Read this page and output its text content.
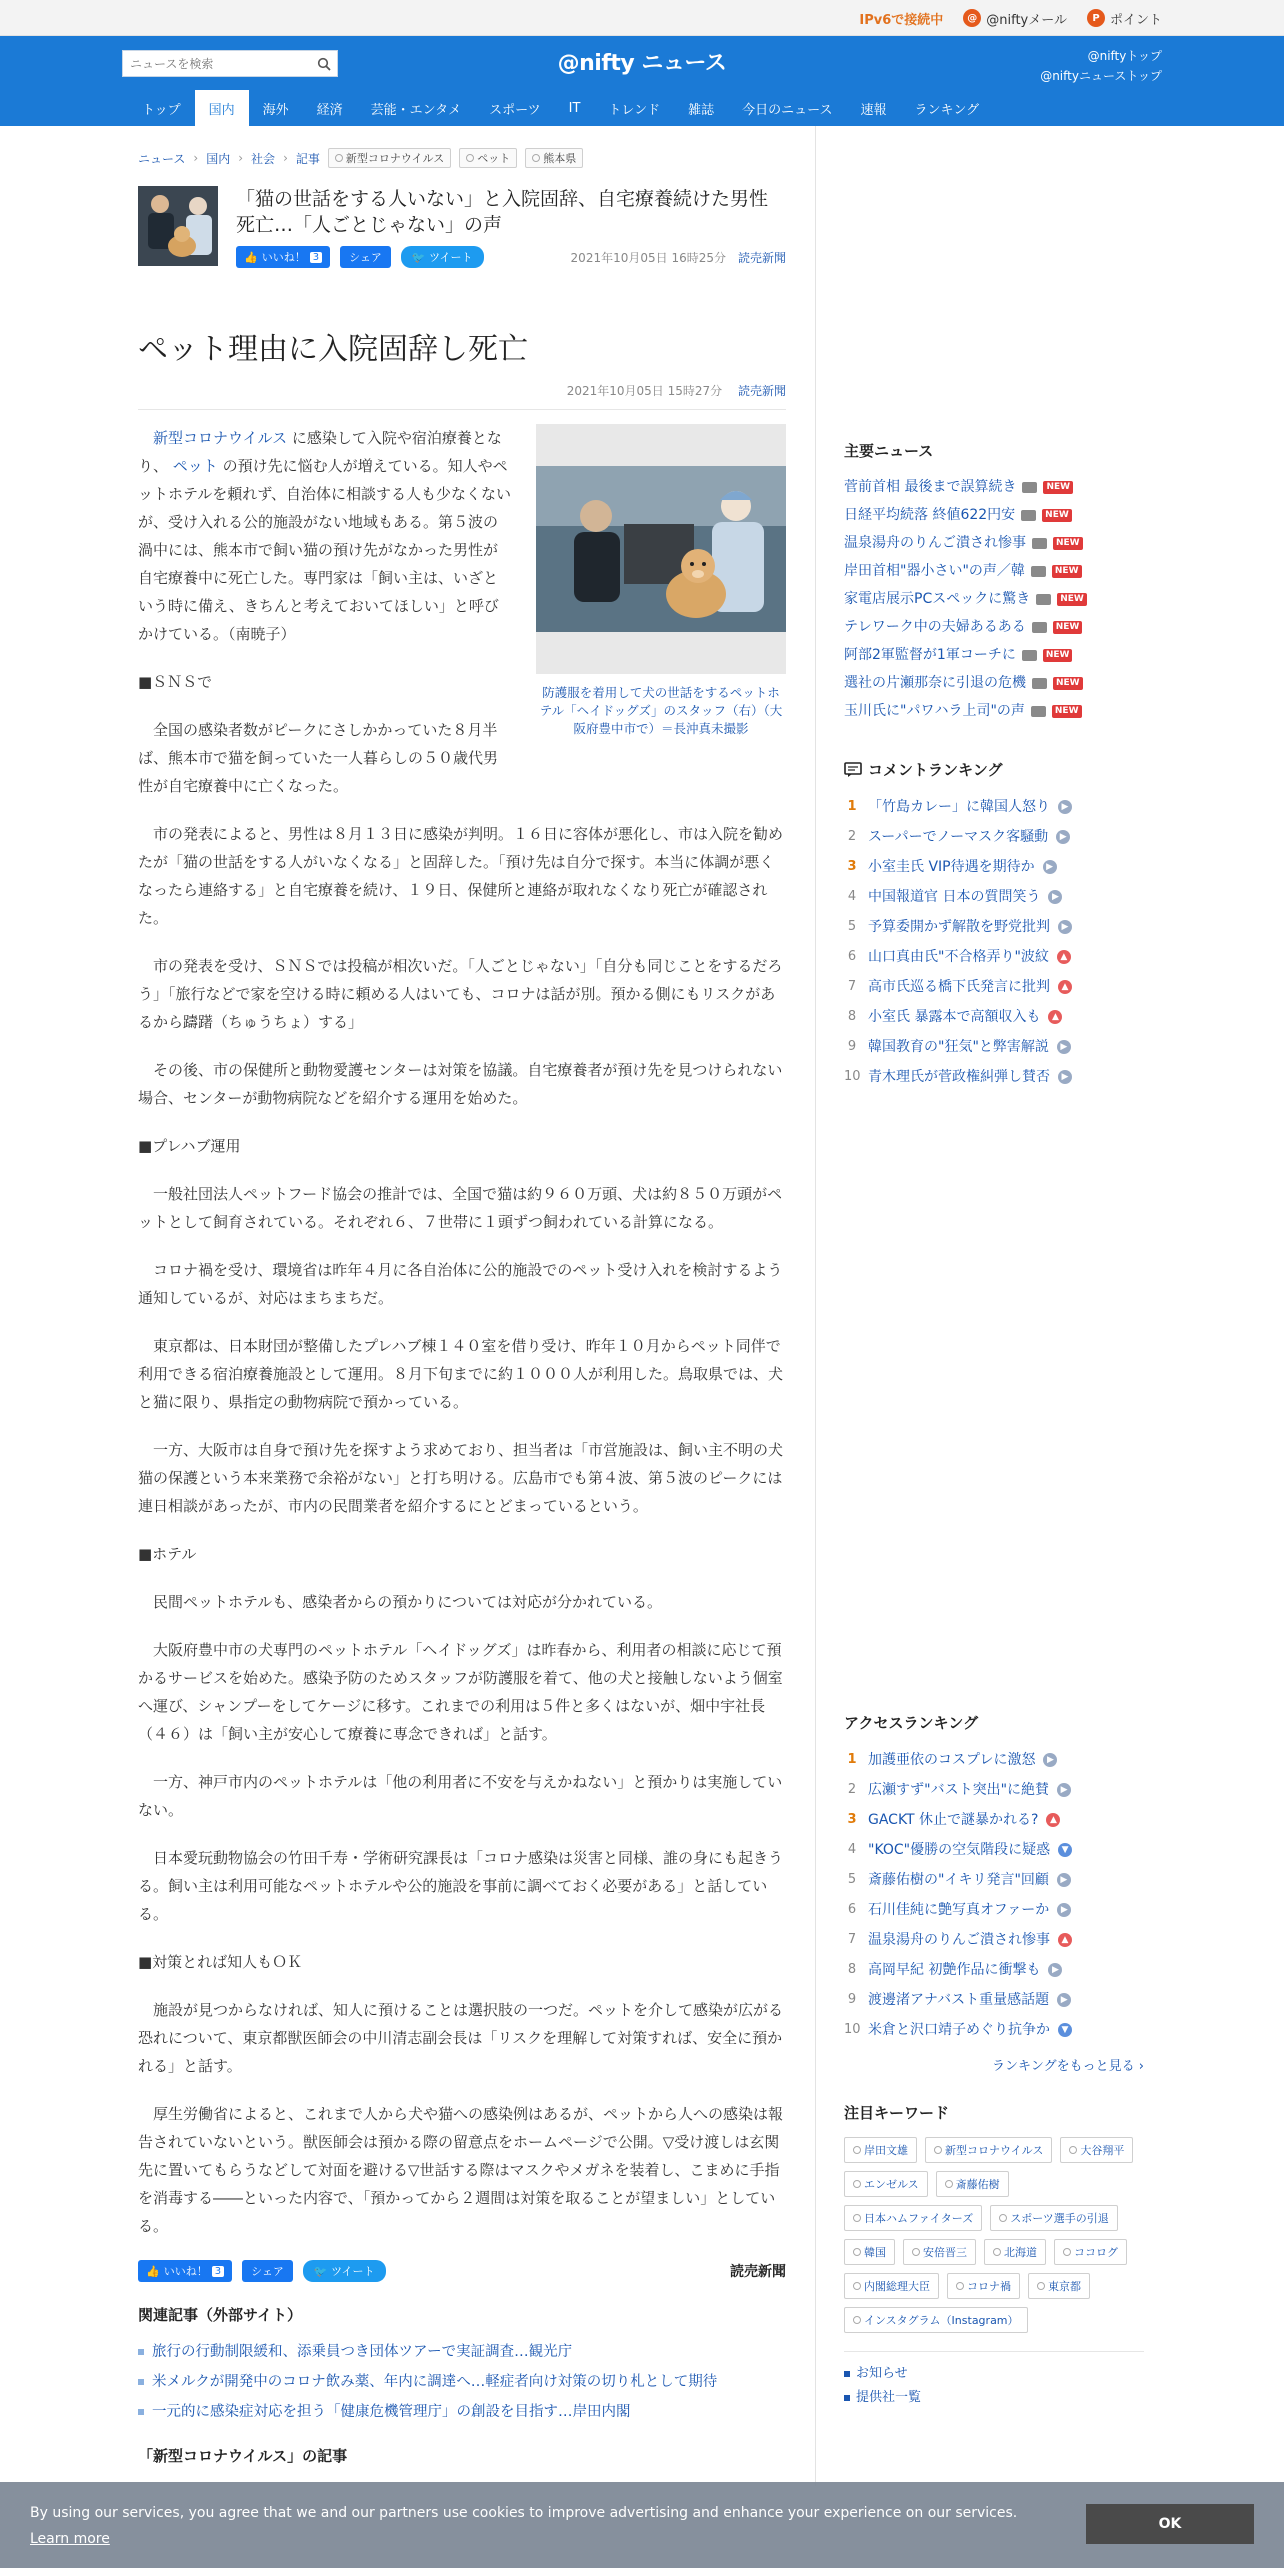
IPv6で接続中	@ @niftyメール	P ポイント
ニュースを検索
@nifty ニュース	@niftyトップ
@niftyニューストップ
トップ	国内	海外	経済	芸能・エンタメ	スポーツ	IT	トレンド	雑誌	今日のニュース	速報	ランキング
ニュース › 国内 › 社会 › 記事 新型コロナウイルス	ペット	熊本県
「猫の世話をする人いない」と入院固辞、自宅療養続けた男性死亡…「人ごとじゃない」の声
👍 いいね！ 3	シェア	🐦 ツイート	2021年10月05日 16時25分 読売新聞
ペット理由に入院固辞し死亡
2021年10月05日 15時27分 読売新聞
防護服を着用して犬の世話をするペットホテル「ヘイドッグズ」のスタッフ（右）（大阪府豊中市で）＝長沖真未撮影

新型コロナウイルス に感染して入院や宿泊療養となり、 ペット の預け先に悩む人が増えている。知人やペットホテルを頼れず、自治体に相談する人も少なくないが、受け入れる公的施設がない地域もある。第５波の渦中には、熊本市で飼い猫の預け先がなかった男性が自宅療養中に死亡した。専門家は「飼い主は、いざという時に備え、きちんと考えておいてほしい」と呼びかけている。（南暁子）

■ＳＮＳで

全国の感染者数がピークにさしかかっていた８月半ば、熊本市で猫を飼っていた一人暮らしの５０歳代男性が自宅療養中に亡くなった。

市の発表によると、男性は８月１３日に感染が判明。１６日に容体が悪化し、市は入院を勧めたが「猫の世話をする人がいなくなる」と固辞した。「預け先は自分で探す。本当に体調が悪くなったら連絡する」と自宅療養を続け、１９日、保健所と連絡が取れなくなり死亡が確認された。

市の発表を受け、ＳＮＳでは投稿が相次いだ。「人ごとじゃない」「自分も同じことをするだろう」「旅行などで家を空ける時に頼める人はいても、コロナは話が別。預かる側にもリスクがあるから躊躇（ちゅうちょ）する」

その後、市の保健所と動物愛護センターは対策を協議。自宅療養者が預け先を見つけられない場合、センターが動物病院などを紹介する運用を始めた。

■プレハブ運用

一般社団法人ペットフード協会の推計では、全国で猫は約９６０万頭、犬は約８５０万頭がペットとして飼育されている。それぞれ６、７世帯に１頭ずつ飼われている計算になる。

コロナ禍を受け、環境省は昨年４月に各自治体に公的施設でのペット受け入れを検討するよう通知しているが、対応はまちまちだ。

東京都は、日本財団が整備したプレハブ棟１４０室を借り受け、昨年１０月からペット同伴で利用できる宿泊療養施設として運用。８月下旬までに約１０００人が利用した。鳥取県では、犬と猫に限り、県指定の動物病院で預かっている。

一方、大阪市は自身で預け先を探すよう求めており、担当者は「市営施設は、飼い主不明の犬猫の保護という本来業務で余裕がない」と打ち明ける。広島市でも第４波、第５波のピークには連日相談があったが、市内の民間業者を紹介するにとどまっているという。

■ホテル

民間ペットホテルも、感染者からの預かりについては対応が分かれている。

大阪府豊中市の犬専門のペットホテル「ヘイドッグズ」は昨春から、利用者の相談に応じて預かるサービスを始めた。感染予防のためスタッフが防護服を着て、他の犬と接触しないよう個室へ運び、シャンプーをしてケージに移す。これまでの利用は５件と多くはないが、畑中宇社長（４６）は「飼い主が安心して療養に専念できれば」と話す。

一方、神戸市内のペットホテルは「他の利用者に不安を与えかねない」と預かりは実施していない。

日本愛玩動物協会の竹田千寿・学術研究課長は「コロナ感染は災害と同様、誰の身にも起きうる。飼い主は利用可能なペットホテルや公的施設を事前に調べておく必要がある」と話している。

■対策とれば知人もＯＫ

施設が見つからなければ、知人に預けることは選択肢の一つだ。ペットを介して感染が広がる恐れについて、東京都獣医師会の中川清志副会長は「リスクを理解して対策すれば、安全に預かれる」と話す。

厚生労働省によると、これまで人から犬や猫への感染例はあるが、ペットから人への感染は報告されていないという。獣医師会は預かる際の留意点をホームページで公開。▽受け渡しは玄関先に置いてもらうなどして対面を避ける▽世話する際はマスクやメガネを装着し、こまめに手指を消毒する――といった内容で、「預かってから２週間は対策を取ることが望ましい」としている。

👍 いいね！ 3	シェア	🐦 ツイート	読売新聞
関連記事（外部サイト）
旅行の行動制限緩和、添乗員つき団体ツアーで実証調査…観光庁
米メルクが開発中のコロナ飲み薬、年内に調達へ…軽症者向け対策の切り札として期待
一元的に感染症対応を担う「健康危機管理庁」の創設を目指す…岸田内閣
「新型コロナウイルス」の記事
主要ニュース
菅前首相 最後まで誤算続き	NEW
日経平均続落 終値622円安	NEW
温泉湯舟のりんご潰され惨事	NEW
岸田首相"器小さい"の声／韓	NEW
家電店展示PCスペックに驚き	NEW
テレワーク中の夫婦あるある	NEW
阿部2軍監督が1軍コーチに	NEW
選社の片瀬那奈に引退の危機	NEW
玉川氏に"パワハラ上司"の声	NEW
コメントランキング
1 「竹島カレー」に韓国人怒り	▶
2 スーパーでノーマスク客騒動	▶
3 小室圭氏 VIP待遇を期待か	▶
4 中国報道官 日本の質問笑う	▶
5 予算委開かず解散を野党批判	▶
6 山口真由氏"不合格弄り"波紋	▲
7 高市氏巡る橋下氏発言に批判	▲
8 小室氏 暴露本で高額収入も	▲
9 韓国教育の"狂気"と弊害解説	▶
10 青木理氏が菅政権糾弾し賛否	▶
アクセスランキング
1 加護亜依のコスプレに激怒	▶
2 広瀬すず"バスト突出"に絶賛	▶
3 GACKT 休止で謎暴かれる?	▲
4 "KOC"優勝の空気階段に疑惑	▼
5 斎藤佑樹の"イキリ発言"回顧	▶
6 石川佳純に艶写真オファーか	▶
7 温泉湯舟のりんご潰され惨事	▲
8 高岡早紀 初艶作品に衝撃も	▶
9 渡邊渚アナバスト重量感話題	▶
10 米倉と沢口靖子めぐり抗争か	▼
ランキングをもっと見る ›
注目キーワード
岸田文雄	新型コロナウイルス	大谷翔平
エンゼルス	斎藤佑樹
日本ハムファイターズ	スポーツ選手の引退
韓国	安倍晋三	北海道	ココログ
内閣総理大臣	コロナ禍	東京都
インスタグラム（Instagram）
お知らせ
提供社一覧
By using our services, you agree that we and our partners use cookies to improve advertising and enhance your experience on our services.
Learn more
OK
